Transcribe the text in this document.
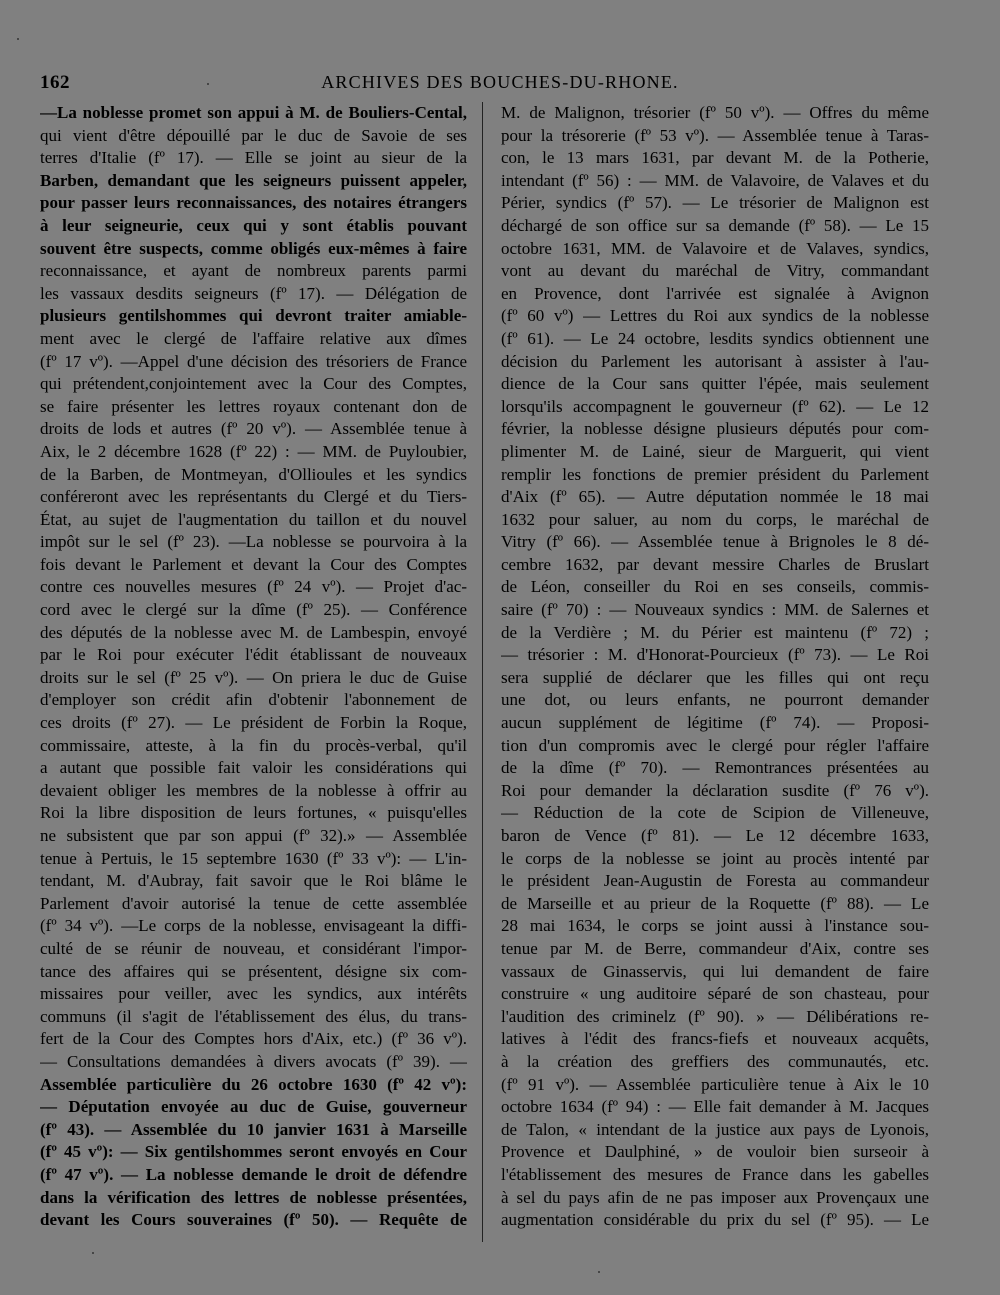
162	ARCHIVES DES BOUCHES-DU-RHONE.
—La noblesse promet son appui à M. de Bouliers-Cental,
qui vient d'être dépouillé par le duc de Savoie de ses
terres d'Italie (fº 17). — Elle se joint au sieur de la
Barben, demandant que les seigneurs puissent appeler,
pour passer leurs reconnaissances, des notaires étrangers
à leur seigneurie, ceux qui y sont établis pouvant
souvent être suspects, comme obligés eux-mêmes à faire
reconnaissance, et ayant de nombreux parents parmi
les vassaux desdits seigneurs (fº 17). — Délégation de
plusieurs gentilshommes qui devront traiter amiable-
ment avec le clergé de l'affaire relative aux dîmes
(fº 17 vº). —Appel d'une décision des trésoriers de France
qui prétendent,conjointement avec la Cour des Comptes,
se faire présenter les lettres royaux contenant don de
droits de lods et autres (fº 20 vº). — Assemblée tenue à
Aix, le 2 décembre 1628 (fº 22) : — MM. de Puyloubier,
de la Barben, de Montmeyan, d'Ollioules et les syndics
conféreront avec les représentants du Clergé et du Tiers-
État, au sujet de l'augmentation du taillon et du nouvel
impôt sur le sel (fº 23). —La noblesse se pourvoira à la
fois devant le Parlement et devant la Cour des Comptes
contre ces nouvelles mesures (fº 24 vº). — Projet d'ac-
cord avec le clergé sur la dîme (fº 25). — Conférence
des députés de la noblesse avec M. de Lambespin, envoyé
par le Roi pour exécuter l'édit établissant de nouveaux
droits sur le sel (fº 25 vº). — On priera le duc de Guise
d'employer son crédit afin d'obtenir l'abonnement de
ces droits (fº 27). — Le président de Forbin la Roque,
commissaire, atteste, à la fin du procès-verbal, qu'il
a autant que possible fait valoir les considérations qui
devaient obliger les membres de la noblesse à offrir au
Roi la libre disposition de leurs fortunes, « puisqu'elles
ne subsistent que par son appui (fº 32).» — Assemblée
tenue à Pertuis, le 15 septembre 1630 (fº 33 vº): — L'in-
tendant, M. d'Aubray, fait savoir que le Roi blâme le
Parlement d'avoir autorisé la tenue de cette assemblée
(fº 34 vº). —Le corps de la noblesse, envisageant la diffi-
culté de se réunir de nouveau, et considérant l'impor-
tance des affaires qui se présentent, désigne six com-
missaires pour veiller, avec les syndics, aux intérêts
communs (il s'agit de l'établissement des élus, du trans-
fert de la Cour des Comptes hors d'Aix, etc.) (fº 36 vº).
— Consultations demandées à divers avocats (fº 39). —
Assemblée particulière du 26 octobre 1630 (fº 42 vº):
— Députation envoyée au duc de Guise, gouverneur
(fº 43). — Assemblée du 10 janvier 1631 à Marseille
(fº 45 vº): — Six gentilshommes seront envoyés en Cour
(fº 47 vº). — La noblesse demande le droit de défendre
dans la vérification des lettres de noblesse présentées,
devant les Cours souveraines (fº 50). — Requête de
M. de Malignon, trésorier (fº 50 vº). — Offres du même
pour la trésorerie (fº 53 vº). — Assemblée tenue à Taras-
con, le 13 mars 1631, par devant M. de la Potherie,
intendant (fº 56) : — MM. de Valavoire, de Valaves et du
Périer, syndics (fº 57). — Le trésorier de Malignon est
déchargé de son office sur sa demande (fº 58). — Le 15
octobre 1631, MM. de Valavoire et de Valaves, syndics,
vont au devant du maréchal de Vitry, commandant
en Provence, dont l'arrivée est signalée à Avignon
(fº 60 vº) — Lettres du Roi aux syndics de la noblesse
(fº 61). — Le 24 octobre, lesdits syndics obtiennent une
décision du Parlement les autorisant à assister à l'au-
dience de la Cour sans quitter l'épée, mais seulement
lorsqu'ils accompagnent le gouverneur (fº 62). — Le 12
février, la noblesse désigne plusieurs députés pour com-
plimenter M. de Lainé, sieur de Marguerit, qui vient
remplir les fonctions de premier président du Parlement
d'Aix (fº 65). — Autre députation nommée le 18 mai
1632 pour saluer, au nom du corps, le maréchal de
Vitry (fº 66). — Assemblée tenue à Brignoles le 8 dé-
cembre 1632, par devant messire Charles de Bruslart
de Léon, conseiller du Roi en ses conseils, commis-
saire (fº 70) : — Nouveaux syndics : MM. de Salernes et
de la Verdière ; M. du Périer est maintenu (fº 72) ;
— trésorier : M. d'Honorat-Pourcieux (fº 73). — Le Roi
sera supplié de déclarer que les filles qui ont reçu
une dot, ou leurs enfants, ne pourront demander
aucun supplément de légitime (fº 74). — Proposi-
tion d'un compromis avec le clergé pour régler l'affaire
de la dîme (fº 70). — Remontrances présentées au
Roi pour demander la déclaration susdite (fº 76 vº).
— Réduction de la cote de Scipion de Villeneuve,
baron de Vence (fº 81). — Le 12 décembre 1633,
le corps de la noblesse se joint au procès intenté par
le président Jean-Augustin de Foresta au commandeur
de Marseille et au prieur de la Roquette (fº 88). — Le
28 mai 1634, le corps se joint aussi à l'instance sou-
tenue par M. de Berre, commandeur d'Aix, contre ses
vassaux de Ginasservis, qui lui demandent de faire
construire « ung auditoire séparé de son chasteau, pour
l'audition des criminelz (fº 90). » — Délibérations re-
latives à l'édit des francs-fiefs et nouveaux acquêts,
à la création des greffiers des communautés, etc.
(fº 91 vº). — Assemblée particulière tenue à Aix le 10
octobre 1634 (fº 94) : — Elle fait demander à M. Jacques
de Talon, « intendant de la justice aux pays de Lyonois,
Provence et Daulphiné, » de vouloir bien surseoir à
l'établissement des mesures de France dans les gabelles
à sel du pays afin de ne pas imposer aux Provençaux une
augmentation considérable du prix du sel (fº 95). — Le
